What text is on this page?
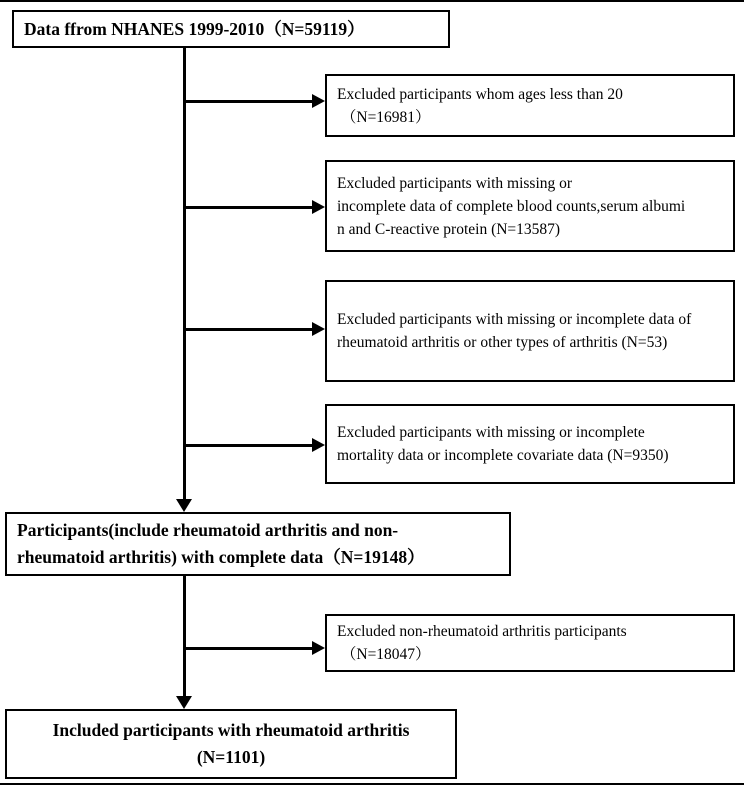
Data ffrom NHANES 1999-2010（N=59119）
Excluded participants whom ages less than 20
（N=16981）
Excluded participants with missing or
incomplete data of complete blood counts,serum albumi
n and C-reactive protein (N=13587)
Excluded participants with missing or incomplete data of
rheumatoid arthritis or other types of arthritis (N=53)
Excluded participants with missing or incomplete
mortality data or incomplete covariate data (N=9350)
Participants(include rheumatoid arthritis and non-
rheumatoid arthritis) with complete data（N=19148）
Excluded non-rheumatoid arthritis participants
（N=18047）
Included participants with rheumatoid arthritis
(N=1101)
